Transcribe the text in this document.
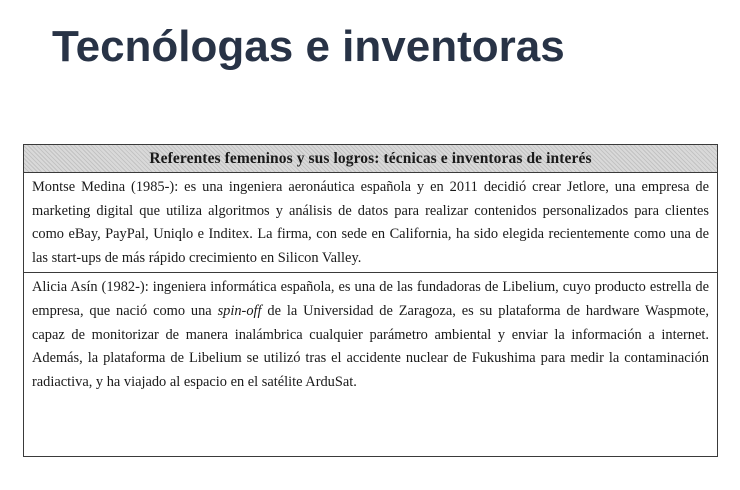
Tecnólogas e inventoras
Referentes femeninos y sus logros: técnicas e inventoras de interés
Montse Medina (1985-): es una ingeniera aeronáutica española y en 2011 decidió crear Jetlore, una empresa de marketing digital que utiliza algoritmos y análisis de datos para realizar contenidos personalizados para clientes como eBay, PayPal, Uniqlo e Inditex. La firma, con sede en California, ha sido elegida recientemente como una de las start-ups de más rápido crecimiento en Silicon Valley.
Alicia Asín (1982-): ingeniera informática española, es una de las fundadoras de Libelium, cuyo producto estrella de empresa, que nació como una spin-off de la Universidad de Zaragoza, es su plataforma de hardware Waspmote, capaz de monitorizar de manera inalámbrica cualquier parámetro ambiental y enviar la información a internet. Además, la plataforma de Libelium se utilizó tras el accidente nuclear de Fukushima para medir la contaminación radiactiva, y ha viajado al espacio en el satélite ArduSat.
